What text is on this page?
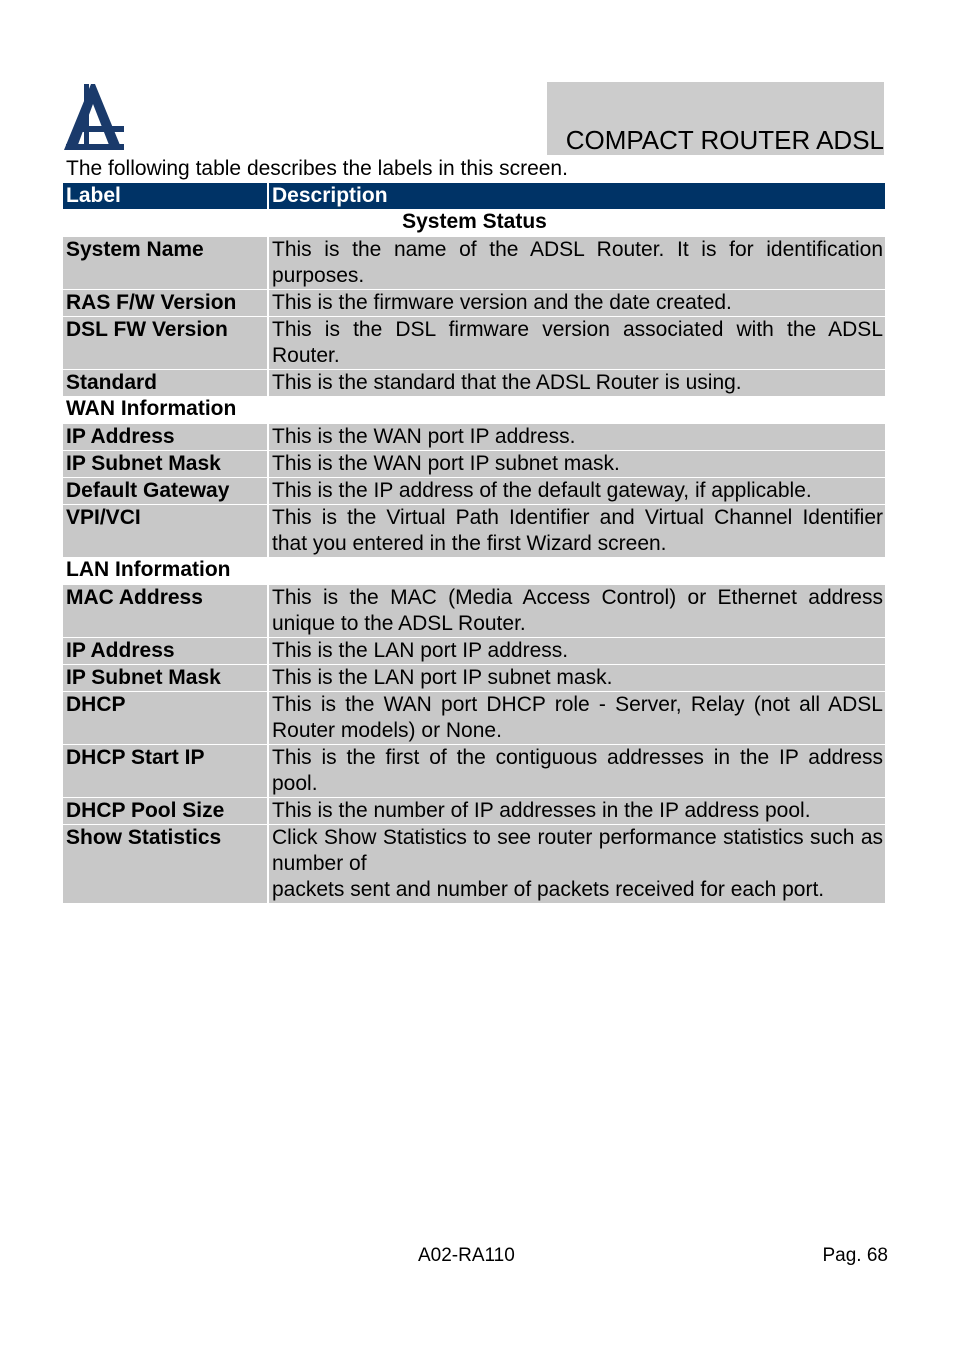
COMPACT ROUTER ADSL
The following table describes the labels in this screen.
Label	Description
System Status	
System Name	This is the name of the ADSL Router. It is for identification purposes.
RAS F/W Version	This is the firmware version and the date created.
DSL FW Version	This is the DSL firmware version associated with the ADSL Router.
Standard	This is the standard that the ADSL Router is using.
WAN Information	
IP Address	This is the WAN port IP address.
IP Subnet Mask	This is the WAN port IP subnet mask.
Default Gateway	This is the IP address of the default gateway, if applicable.
VPI/VCI	This is the Virtual Path Identifier and Virtual Channel Identifier that you entered in the first Wizard screen.
LAN Information	
MAC Address	This is the MAC (Media Access Control) or Ethernet address unique to the ADSL Router.
IP Address	This is the LAN port IP address.
IP Subnet Mask	This is the LAN port IP subnet mask.
DHCP	This is the WAN port DHCP role - Server, Relay (not all ADSL Router models) or None.
DHCP Start IP	This is the first of the contiguous addresses in the IP address pool.
DHCP Pool Size	This is the number of IP addresses in the IP address pool.
Show Statistics	Click Show Statistics to see router performance statistics such as number of
packets sent and number of packets received for each port.
A02-RA110	Pag. 68
